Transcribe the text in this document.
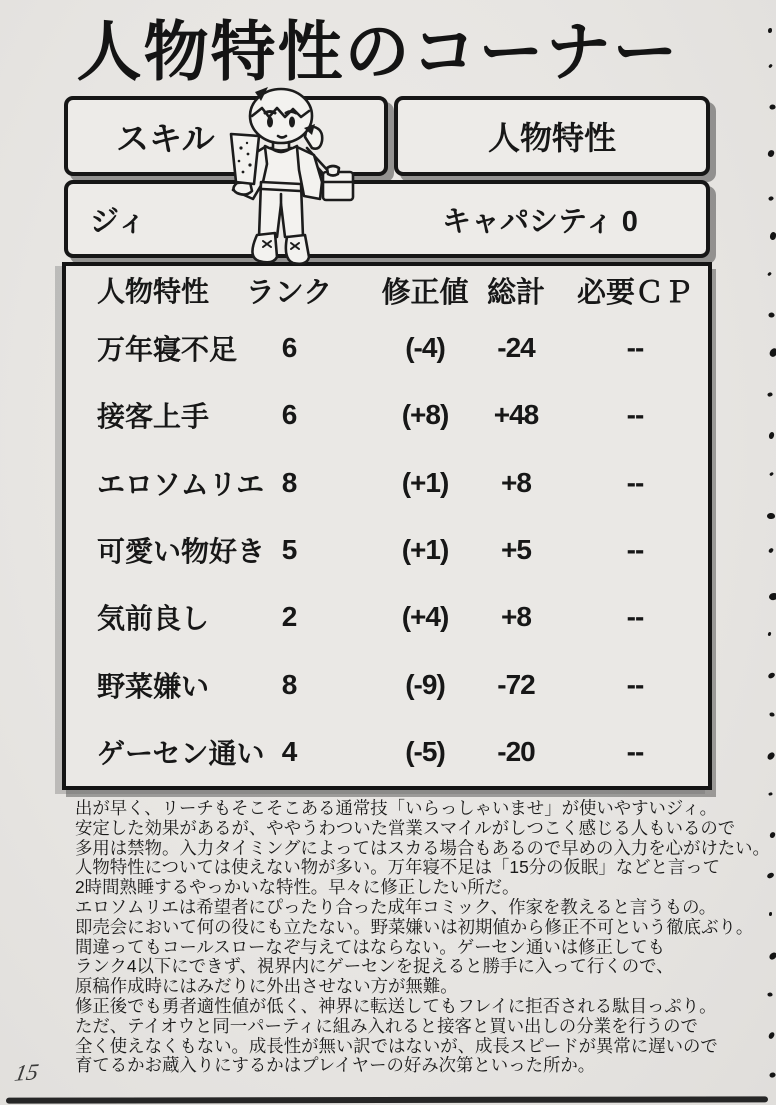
人物特性のコーナー
スキル	人物特性
ジィ	キャパシティ 0
人物特性	ランク	修正値 総計	必要ＣＰ
万年寝不足	6	(-4)	-24	--
接客上手	6	(+8)	+48	--
エロソムリエ 8	(+1)	+8	--
可愛い物好き 5	(+1)	+5	--
気前良し	2	(+4)	+8	--
野菜嫌い	8	(-9)	-72	--
ゲーセン通い 4	(-5)	-20	--
出が早く、リーチもそこそこある通常技「いらっしゃいませ」が使いやすいジィ。
安定した効果があるが、ややうわついた営業スマイルがしつこく感じる人もいるので
多用は禁物。入力タイミングによってはスカる場合もあるので早めの入力を心がけたい。
人物特性については使えない物が多い。万年寝不足は「15分の仮眠」などと言って
2時間熟睡するやっかいな特性。早々に修正したい所だ。
エロソムリエは希望者にぴったり合った成年コミック、作家を教えると言うもの。
即売会において何の役にも立たない。野菜嫌いは初期値から修正不可という徹底ぶり。
間違ってもコールスローなぞ与えてはならない。ゲーセン通いは修正しても
ランク4以下にできず、視界内にゲーセンを捉えると勝手に入って行くので、
原稿作成時にはみだりに外出させない方が無難。
修正後でも勇者適性値が低く、神界に転送してもフレイに拒否される駄目っぷり。
ただ、テイオウと同一パーティに組み入れると接客と買い出しの分業を行うので
全く使えなくもない。成長性が無い訳ではないが、成長スピードが異常に遅いので
育てるかお蔵入りにするかはプレイヤーの好み次第といった所か。
15
